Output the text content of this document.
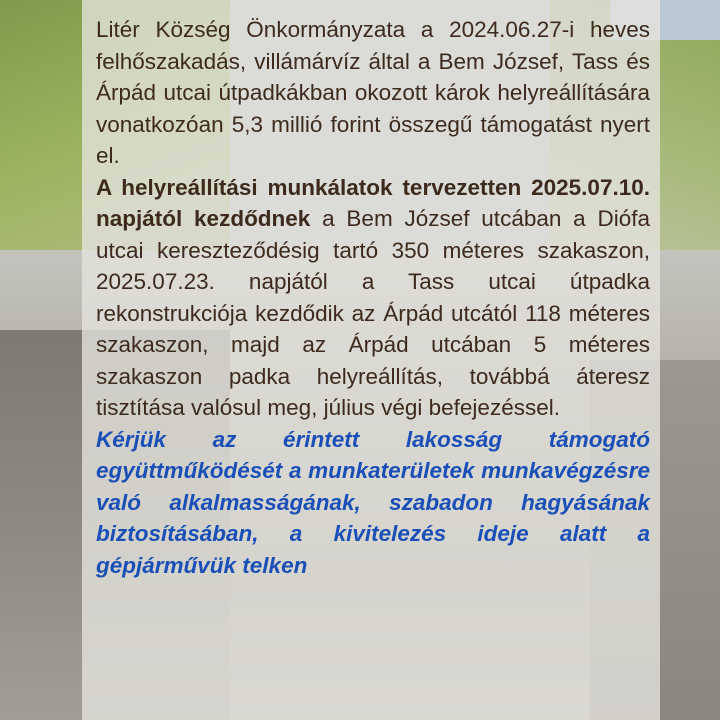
Litér Község Önkormányzata a 2024.06.27-i heves felhőszakadás, villámárvíz által a Bem József, Tass és Árpád utcai útpadkákban okozott károk helyreállítására vonatkozóan 5,3 millió forint összegű támogatást nyert el.

A helyreállítási munkálatok tervezetten 2025.07.10. napjától kezdődnek a Bem József utcában a Diófa utcai kereszteződésig tartó 350 méteres szakaszon, 2025.07.23. napjától a Tass utcai útpadka rekonstrukciója kezdődik az Árpád utcától 118 méteres szakaszon, majd az Árpád utcában 5 méteres szakaszon padka helyreállítás, továbbá áteresz tisztítása valósul meg, július végi befejezéssel.

Kérjük az érintett lakosság támogató együttműködését a munkaterületek munkavégzésre való alkalmasságának, szabadon hagyásának biztosításában, a kivitelezés ideje alatt a gépjárművük telken
